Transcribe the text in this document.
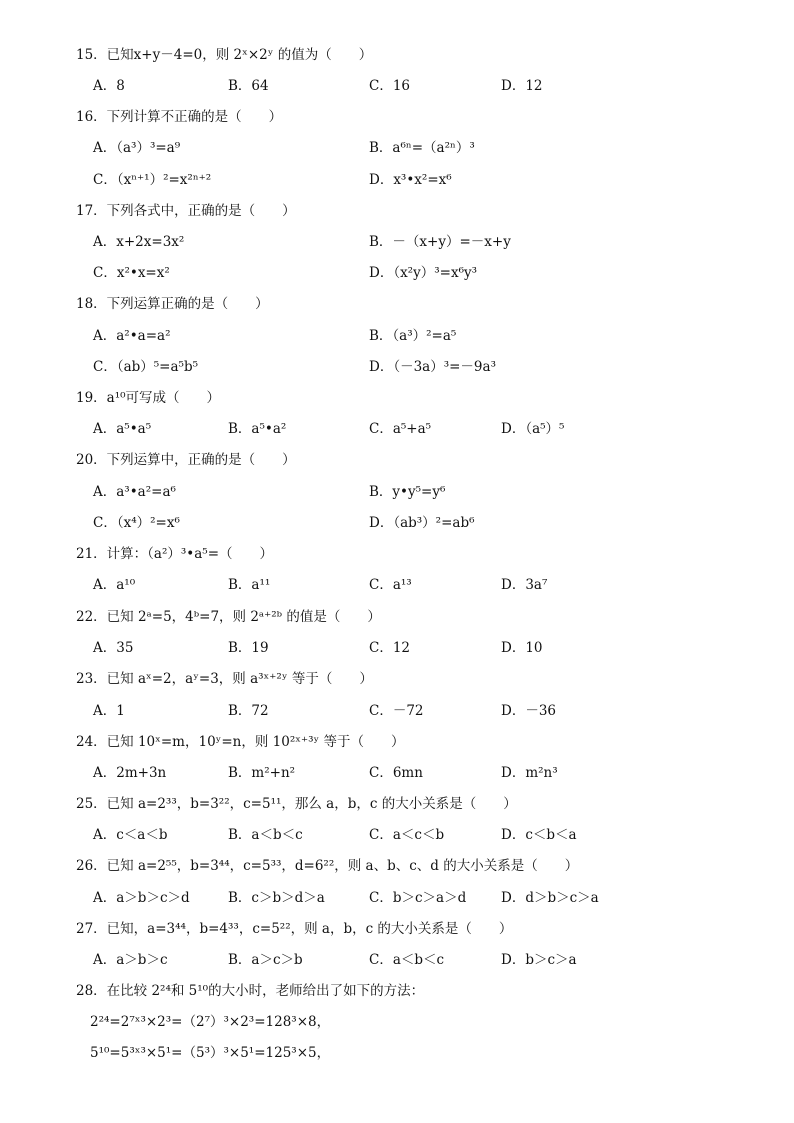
15．已知x+y－4=0，则 2ˣ×2ʸ 的值为（　　）
A．8	B．64	C．16	D．12
16．下列计算不正确的是（　　）
A．（a³）³=a⁹	B．a⁶ⁿ=（a²ⁿ）³
C．（xⁿ⁺¹）²=x²ⁿ⁺²	D．x³•x²=x⁶
17．下列各式中，正确的是（　　）
A．x+2x=3x²	B．－（x+y）=－x+y
C．x²•x=x²	D．（x²y）³=x⁶y³
18．下列运算正确的是（　　）
A．a²•a=a²	B．（a³）²=a⁵
C．（ab）⁵=a⁵b⁵	D．（－3a）³=－9a³
19．a¹⁰可写成（　　）
A．a⁵•a⁵	B．a⁵•a²	C．a⁵+a⁵	D．（a⁵）⁵
20．下列运算中，正确的是（　　）
A．a³•a²=a⁶	B．y•y⁵=y⁶
C．（x⁴）²=x⁶	D．（ab³）²=ab⁶
21．计算：（a²）³•a⁵=（　　）
A．a¹⁰	B．a¹¹	C．a¹³	D．3a⁷
22．已知 2ᵃ=5，4ᵇ=7，则 2ᵃ⁺²ᵇ 的值是（　　）
A．35	B．19	C．12	D．10
23．已知 aˣ=2，aʸ=3，则 a³ˣ⁺²ʸ 等于（　　）
A．1	B．72	C．－72	D．－36
24．已知 10ˣ=m，10ʸ=n，则 10²ˣ⁺³ʸ 等于（　　）
A．2m+3n	B．m²+n²	C．6mn	D．m²n³
25．已知 a=2³³，b=3²²，c=5¹¹，那么 a，b，c 的大小关系是（　　）
A．c＜a＜b	B．a＜b＜c	C．a＜c＜b	D．c＜b＜a
26．已知 a=2⁵⁵，b=3⁴⁴，c=5³³，d=6²²，则 a、b、c、d 的大小关系是（　　）
A．a＞b＞c＞d	B．c＞b＞d＞a	C．b＞c＞a＞d	D．d＞b＞c＞a
27．已知，a=3⁴⁴，b=4³³，c=5²²，则 a，b，c 的大小关系是（　　）
A．a＞b＞c	B．a＞c＞b	C．a＜b＜c	D．b＞c＞a
28．在比较 2²⁴和 5¹⁰的大小时，老师给出了如下的方法：
2²⁴=2⁷ˣ³×2³=（2⁷）³×2³=128³×8，
5¹⁰=5³ˣ³×5¹=（5³）³×5¹=125³×5，
